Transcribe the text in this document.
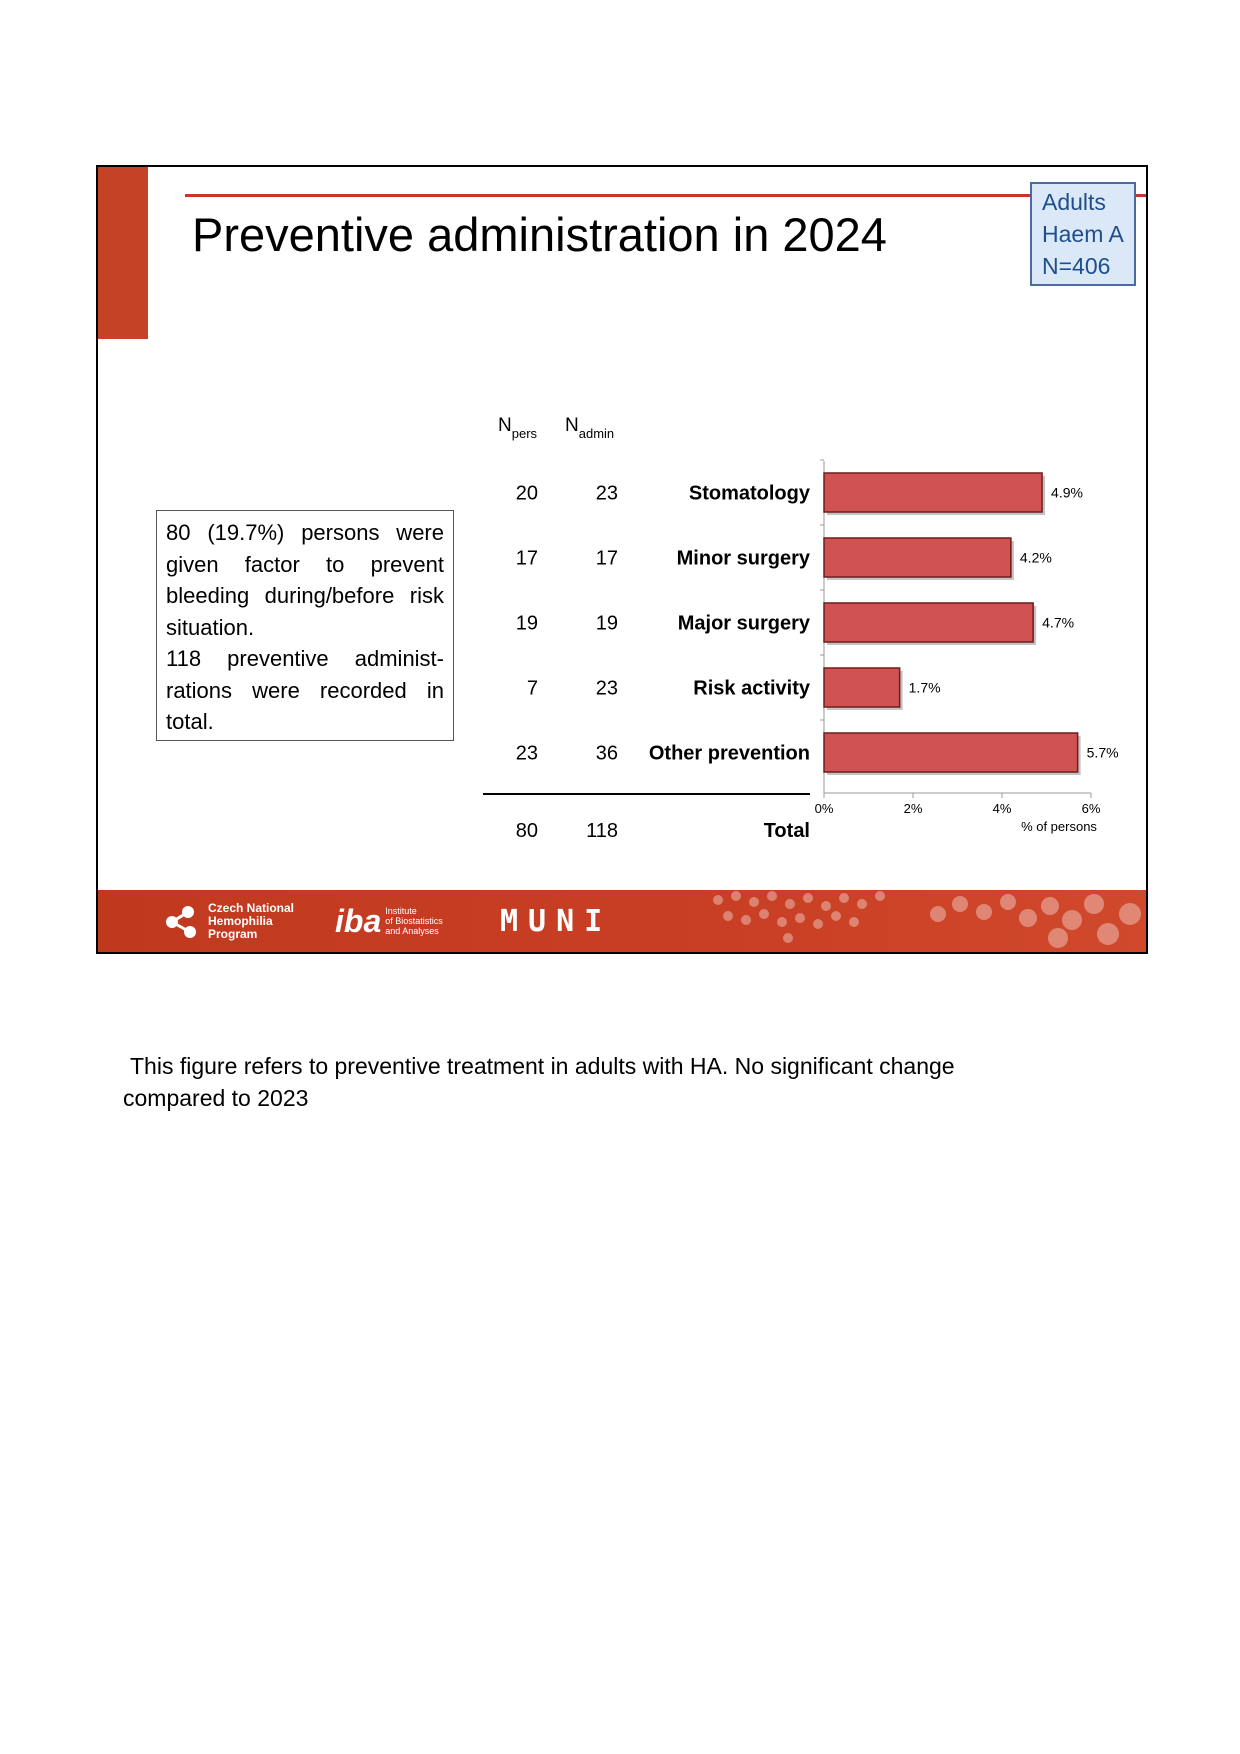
Preventive administration in 2024
Adults
Haem A
N=406

80 (19.7%) persons were given factor to prevent bleeding during/before risk situation.

118 preventive administ- rations were recorded in total.

$N_{pers}$ $N_{admin}$
80 118	Total
20	23	Stomatology	4.9%
17	17	Minor surgery	4.2%
19	19	Major surgery	4.7%
7	23	Risk activity	1.7%
23	36 Other prevention	5.7%
0%	2%	4%	6%
% of persons
Czech National
Hemophilia
Program	iba Institute
of Biostatistics
and Analyses MUNI
This figure refers to preventive treatment in adults with HA. No significant change
compared to 2023
